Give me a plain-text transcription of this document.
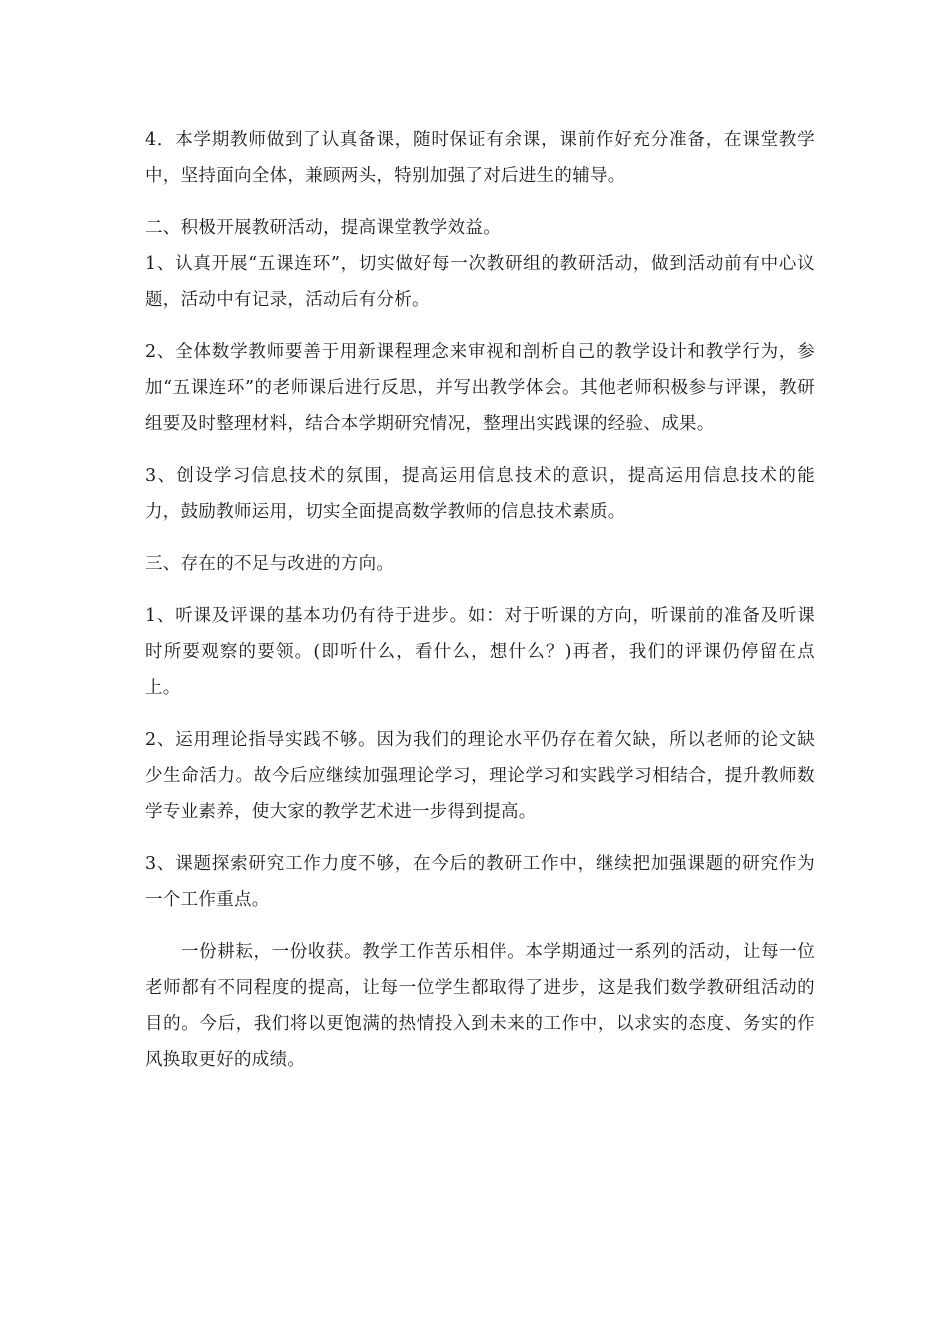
4．本学期教师做到了认真备课，随时保证有余课，课前作好充分准备，在课堂教学中，坚持面向全体，兼顾两头，特别加强了对后进生的辅导。

二、积极开展教研活动，提高课堂教学效益。

1、认真开展“五课连环”，切实做好每一次教研组的教研活动，做到活动前有中心议题，活动中有记录，活动后有分析。

2、全体数学教师要善于用新课程理念来审视和剖析自己的教学设计和教学行为，参加“五课连环”的老师课后进行反思，并写出教学体会。其他老师积极参与评课，教研组要及时整理材料，结合本学期研究情况，整理出实践课的经验、成果。

3、创设学习信息技术的氛围，提高运用信息技术的意识，提高运用信息技术的能力，鼓励教师运用，切实全面提高数学教师的信息技术素质。

三、存在的不足与改进的方向。

1、听课及评课的基本功仍有待于进步。如：对于听课的方向，听课前的准备及听课时所要观察的要领。(即听什么，看什么，想什么？)再者，我们的评课仍停留在点上。

2、运用理论指导实践不够。因为我们的理论水平仍存在着欠缺，所以老师的论文缺少生命活力。故今后应继续加强理论学习，理论学习和实践学习相结合，提升教师数学专业素养，使大家的教学艺术进一步得到提高。

3、课题探索研究工作力度不够，在今后的教研工作中，继续把加强课题的研究作为一个工作重点。

一份耕耘，一份收获。教学工作苦乐相伴。本学期通过一系列的活动，让每一位老师都有不同程度的提高，让每一位学生都取得了进步，这是我们数学教研组活动的目的。今后，我们将以更饱满的热情投入到未来的工作中，以求实的态度、务实的作风换取更好的成绩。
